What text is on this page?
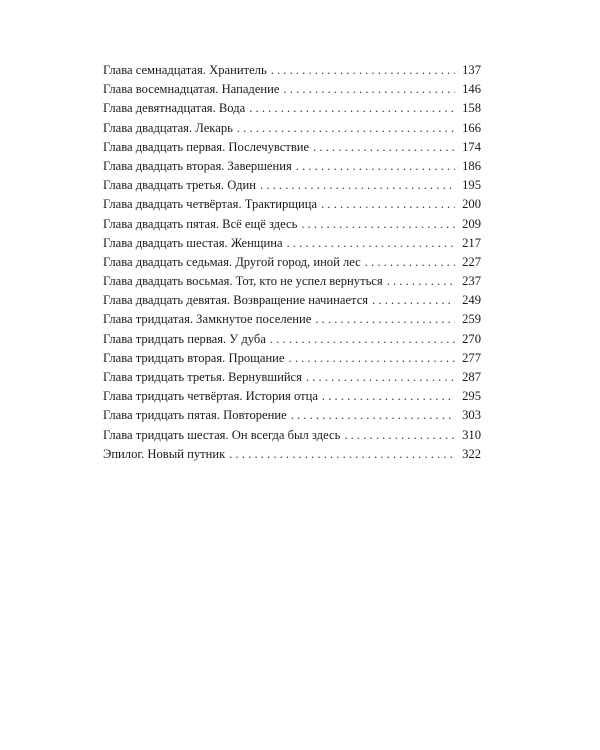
Глава семнадцатая. Хранитель . . .	137
Глава восемнадцатая. Нападение . . .	146
Глава девятнадцатая. Вода . . .	158
Глава двадцатая. Лекарь . . .	166
Глава двадцать первая. Послечувствие . . .	174
Глава двадцать вторая. Завершения . . .	186
Глава двадцать третья. Один . . .	195
Глава двадцать четвёртая. Трактирщица . . .	200
Глава двадцать пятая. Всё ещё здесь . . .	209
Глава двадцать шестая. Женщина . . .	217
Глава двадцать седьмая. Другой город, иной лес . . .	227
Глава двадцать восьмая. Тот, кто не успел вернуться . . .	237
Глава двадцать девятая. Возвращение начинается . . .	249
Глава тридцатая. Замкнутое поселение . . .	259
Глава тридцать первая. У дуба . . .	270
Глава тридцать вторая. Прощание . . .	277
Глава тридцать третья. Вернувшийся . . .	287
Глава тридцать четвёртая. История отца . . .	295
Глава тридцать пятая. Повторение . . .	303
Глава тридцать шестая. Он всегда был здесь . . .	310
Эпилог. Новый путник . . .	322
